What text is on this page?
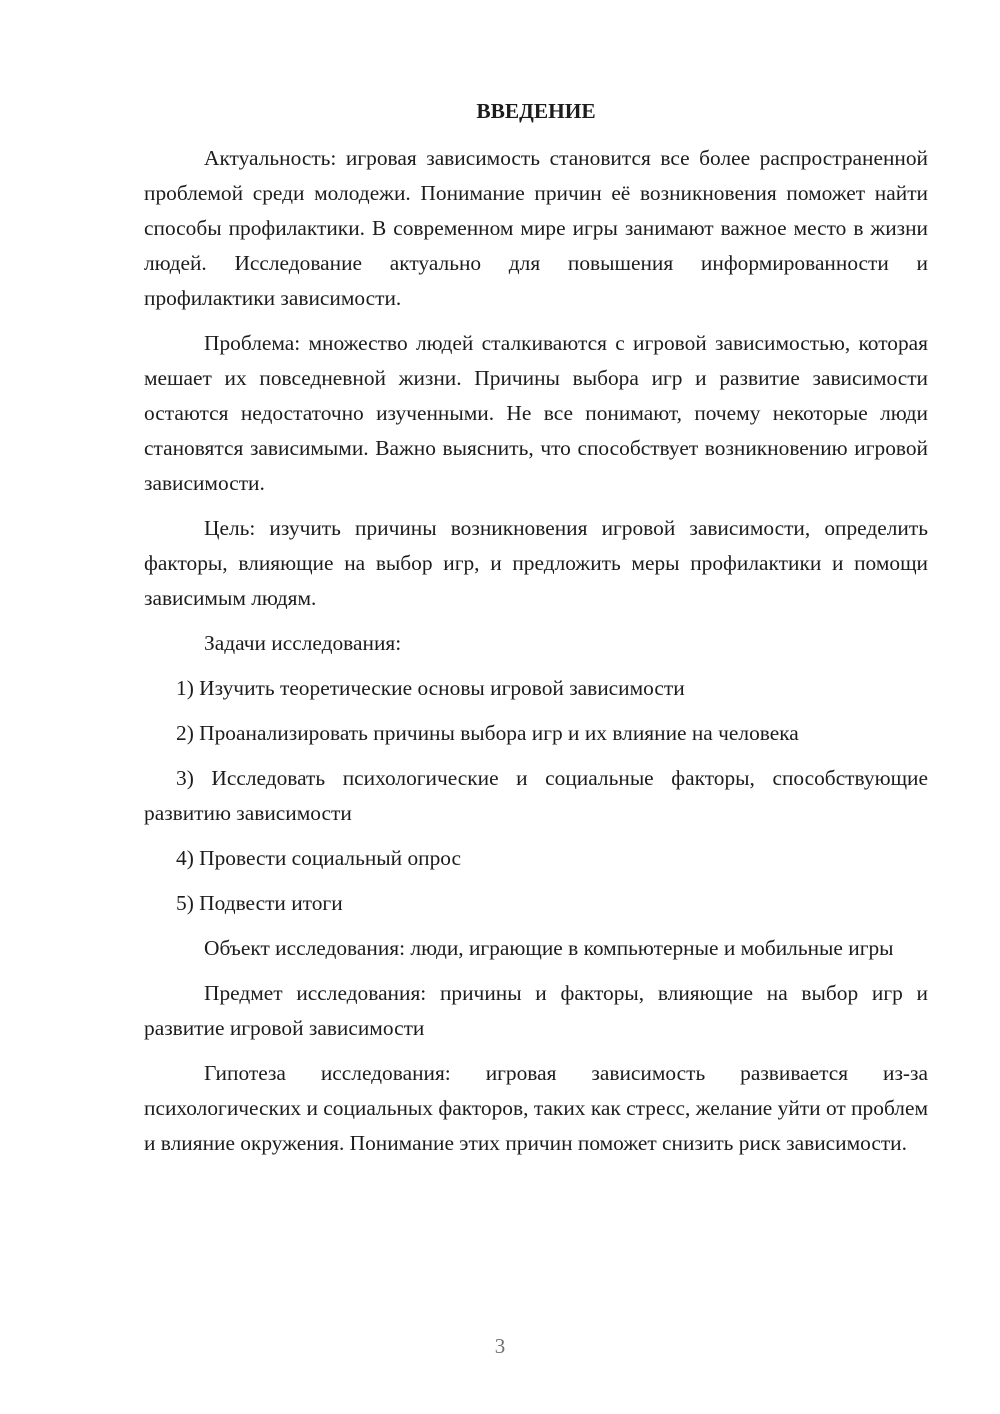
ВВЕДЕНИЕ

Актуальность: игровая зависимость становится все более распространенной проблемой среди молодежи. Понимание причин её возникновения поможет найти способы профилактики. В современном мире игры занимают важное место в жизни людей. Исследование актуально для повышения информированности и профилактики зависимости.

Проблема: множество людей сталкиваются с игровой зависимостью, которая мешает их повседневной жизни. Причины выбора игр и развитие зависимости остаются недостаточно изученными. Не все понимают, почему некоторые люди становятся зависимыми. Важно выяснить, что способствует возникновению игровой зависимости.

Цель: изучить причины возникновения игровой зависимости, определить факторы, влияющие на выбор игр, и предложить меры профилактики и помощи зависимым людям.

Задачи исследования:

1) Изучить теоретические основы игровой зависимости

2) Проанализировать причины выбора игр и их влияние на человека

3) Исследовать психологические и социальные факторы, способствующие развитию зависимости

4) Провести социальный опрос

5) Подвести итоги

Объект исследования: люди, играющие в компьютерные и мобильные игры

Предмет исследования: причины и факторы, влияющие на выбор игр и развитие игровой зависимости

Гипотеза исследования: игровая зависимость развивается из-за психологических и социальных факторов, таких как стресс, желание уйти от проблем и влияние окружения. Понимание этих причин поможет снизить риск зависимости.

3
